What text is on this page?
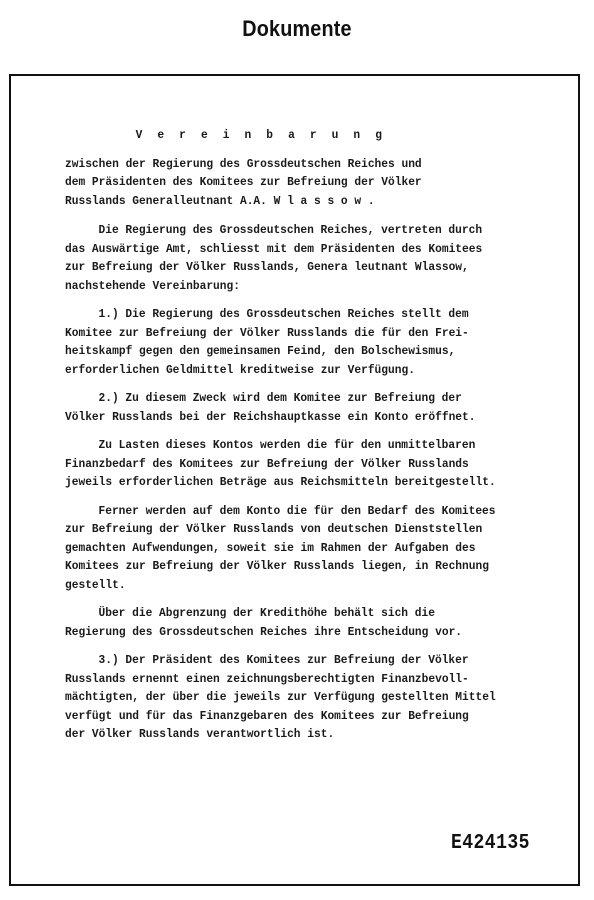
Dokumente
V e r e i n b a r u n g
zwischen der Regierung des Grossdeutschen Reiches und
dem Präsidenten des Komitees zur Befreiung der Völker
Russlands Generalleutnant A.A. W l a s s o w .
Die Regierung des Grossdeutschen Reiches, vertreten durch
das Auswärtige Amt, schliesst mit dem Präsidenten des Komitees
zur Befreiung der Völker Russlands, Genera leutnant Wlassow,
nachstehende Vereinbarung:
1.) Die Regierung des Grossdeutschen Reiches stellt dem
Komitee zur Befreiung der Völker Russlands die für den Frei-
heitskampf gegen den gemeinsamen Feind, den Bolschewismus,
erforderlichen Geldmittel kreditweise zur Verfügung.
2.) Zu diesem Zweck wird dem Komitee zur Befreiung der
Völker Russlands bei der Reichshauptkasse ein Konto eröffnet.
Zu Lasten dieses Kontos werden die für den unmittelbaren
Finanzbedarf des Komitees zur Befreiung der Völker Russlands
jeweils erforderlichen Beträge aus Reichsmitteln bereitgestellt.
Ferner werden auf dem Konto die für den Bedarf des Komitees
zur Befreiung der Völker Russlands von deutschen Dienststellen
gemachten Aufwendungen, soweit sie im Rahmen der Aufgaben des
Komitees zur Befreiung der Völker Russlands liegen, in Rechnung
gestellt.
Über die Abgrenzung der Kredithöhe behält sich die
Regierung des Grossdeutschen Reiches ihre Entscheidung vor.
3.) Der Präsident des Komitees zur Befreiung der Völker
Russlands ernennt einen zeichnungsberechtigten Finanzbevoll-
mächtigten, der über die jeweils zur Verfügung gestellten Mittel
verfügt und für das Finanzgebaren des Komitees zur Befreiung
der Völker Russlands verantwortlich ist.
E424135
